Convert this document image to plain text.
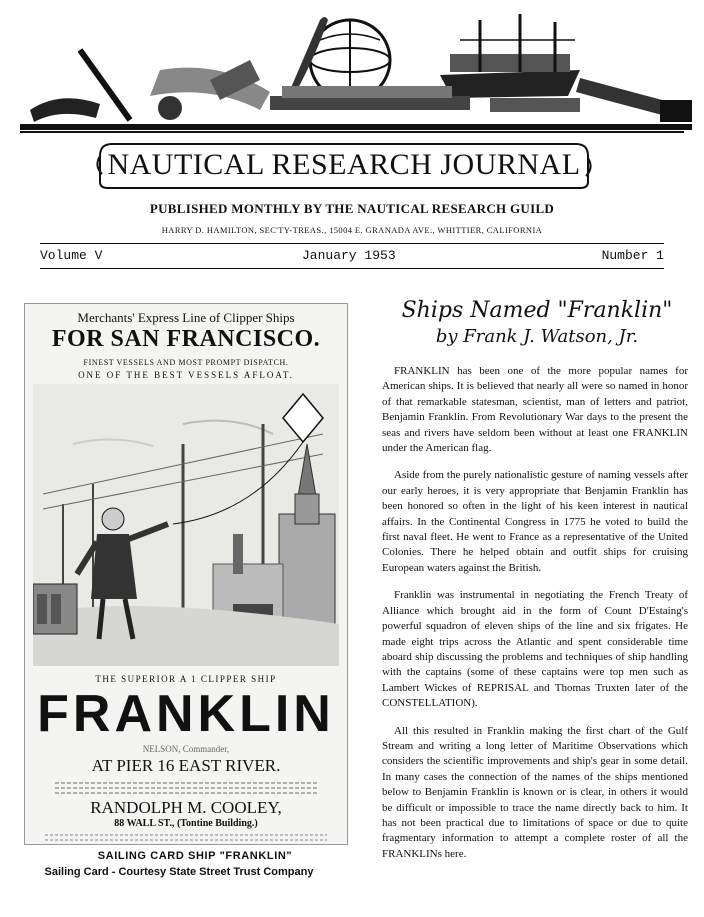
NAUTICAL RESEARCH JOURNAL
PUBLISHED MONTHLY BY THE NAUTICAL RESEARCH GUILD
HARRY D. HAMILTON, SEC'TY-TREAS., 15004 E. GRANADA AVE., WHITTIER, CALIFORNIA
Volume V	January 1953	Number 1
Merchants' Express Line of Clipper Ships
FOR SAN FRANCISCO.
FINEST VESSELS AND MOST PROMPT DISPATCH.
ONE OF THE BEST VESSELS AFLOAT.
THE SUPERIOR A 1 CLIPPER SHIP
FRANKLIN
NELSON, Commander,
AT PIER 16 EAST RIVER.
RANDOLPH M. COOLEY,
88 WALL ST., (Tontine Building.)
SAILING CARD SHIP "FRANKLIN"
Sailing Card - Courtesy State Street Trust Company
Ships Named "Franklin"
by Frank J. Watson, Jr.

FRANKLIN has been one of the more popular names for American ships. It is believed that nearly all were so named in honor of that remarkable statesman, scientist, man of letters and patriot, Benjamin Franklin. From Revolutionary War days to the present the seas and rivers have seldom been without at least one FRANKLIN under the American flag.

Aside from the purely nationalistic gesture of naming vessels after our early heroes, it is very appropriate that Benjamin Franklin has been honored so often in the light of his keen interest in nautical affairs. In the Continental Congress in 1775 he voted to build the first naval fleet. He went to France as a representative of the United Colonies. There he helped obtain and outfit ships for cruising European waters against the British.

Franklin was instrumental in negotiating the French Treaty of Alliance which brought aid in the form of Count D'Estaing's powerful squadron of eleven ships of the line and six frigates. He made eight trips across the Atlantic and spent considerable time aboard ship discussing the problems and techniques of ship handling with the captains (some of these captains were top men such as Lambert Wickes of REPRISAL and Thomas Truxten later of the CONSTELLATION).

All this resulted in Franklin making the first chart of the Gulf Stream and writing a long letter of Maritime Observations which considers the scientific improvements and ship's gear in some detail. In many cases the connection of the names of the ships mentioned below to Benjamin Franklin is known or is clear, in others it would be difficult or impossible to trace the name directly back to him. It has not been practical due to limitations of space or due to quite fragmentary information to attempt a complete roster of all the FRANKLINs here.
